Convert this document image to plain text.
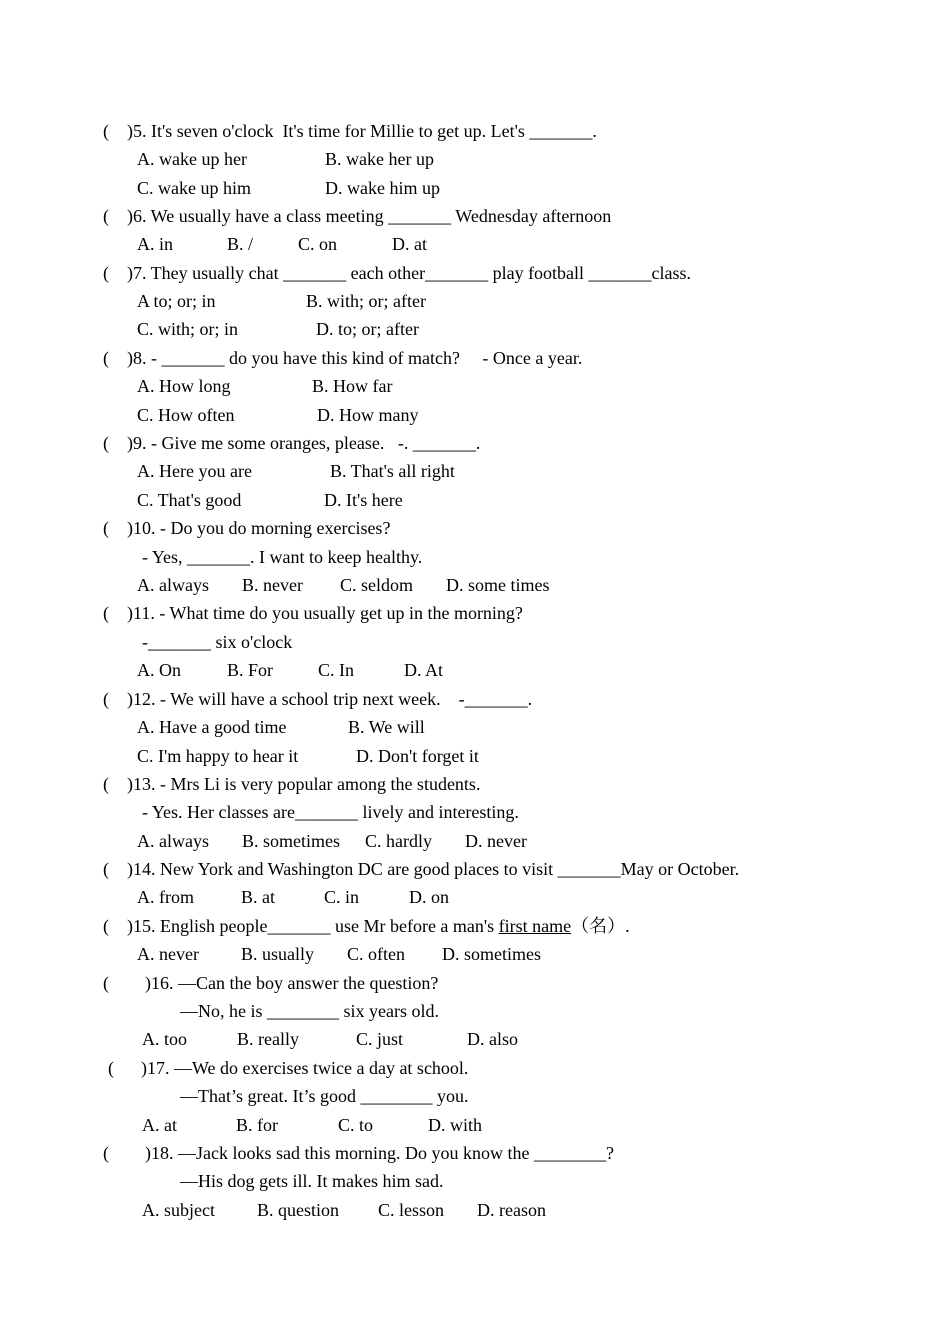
(    )5. It's seven o'clock  It's time for Millie to get up. Let's _______.
A. wake up her	B. wake her up
C. wake up him	D. wake him up
(    )6. We usually have a class meeting _______ Wednesday afternoon
A. in	B. / C. on	D. at
(    )7. They usually chat _______ each other_______ play football _______class.
A to; or; in	B. with; or; after
C. with; or; in	D. to; or; after
(    )8. - _______ do you have this kind of match?     - Once a year.
A. How long	B. How far
C. How often	D. How many
(    )9. - Give me some oranges, please.   -. _______.
A. Here you are	B. That's all right
C. That's good	D. It's here
(    )10. - Do you do morning exercises?
- Yes, _______. I want to keep healthy.
A. always B. never C. seldom D. some times
(    )11. - What time do you usually get up in the morning?
-_______ six o'clock
A. On	B. For C. In	D. At
(    )12. - We will have a school trip next week.    -_______.
A. Have a good time	B. We will
C. I'm happy to hear it	D. Don't forget it
(    )13. - Mrs Li is very popular among the students.
- Yes. Her classes are_______ lively and interesting.
A. always B. sometimes C. hardly D. never
(    )14. New York and Washington DC are good places to visit _______May or October.
A. from	B. at	C. in	D. on
(    )15. English people_______ use Mr before a man's first name（名）.
A. never B. usually C. often D. sometimes
(        )16. —Can the boy answer the question?
—No, he is ________ six years old.
A. too	B. really	C. just	D. also
(      )17. —We do exercises twice a day at school.
—That’s great. It’s good ________ you.
A. at	B. for	C. to	D. with
(        )18. —Jack looks sad this morning. Do you know the ________?
—His dog gets ill. It makes him sad.
A. subject B. question C. lesson D. reason
